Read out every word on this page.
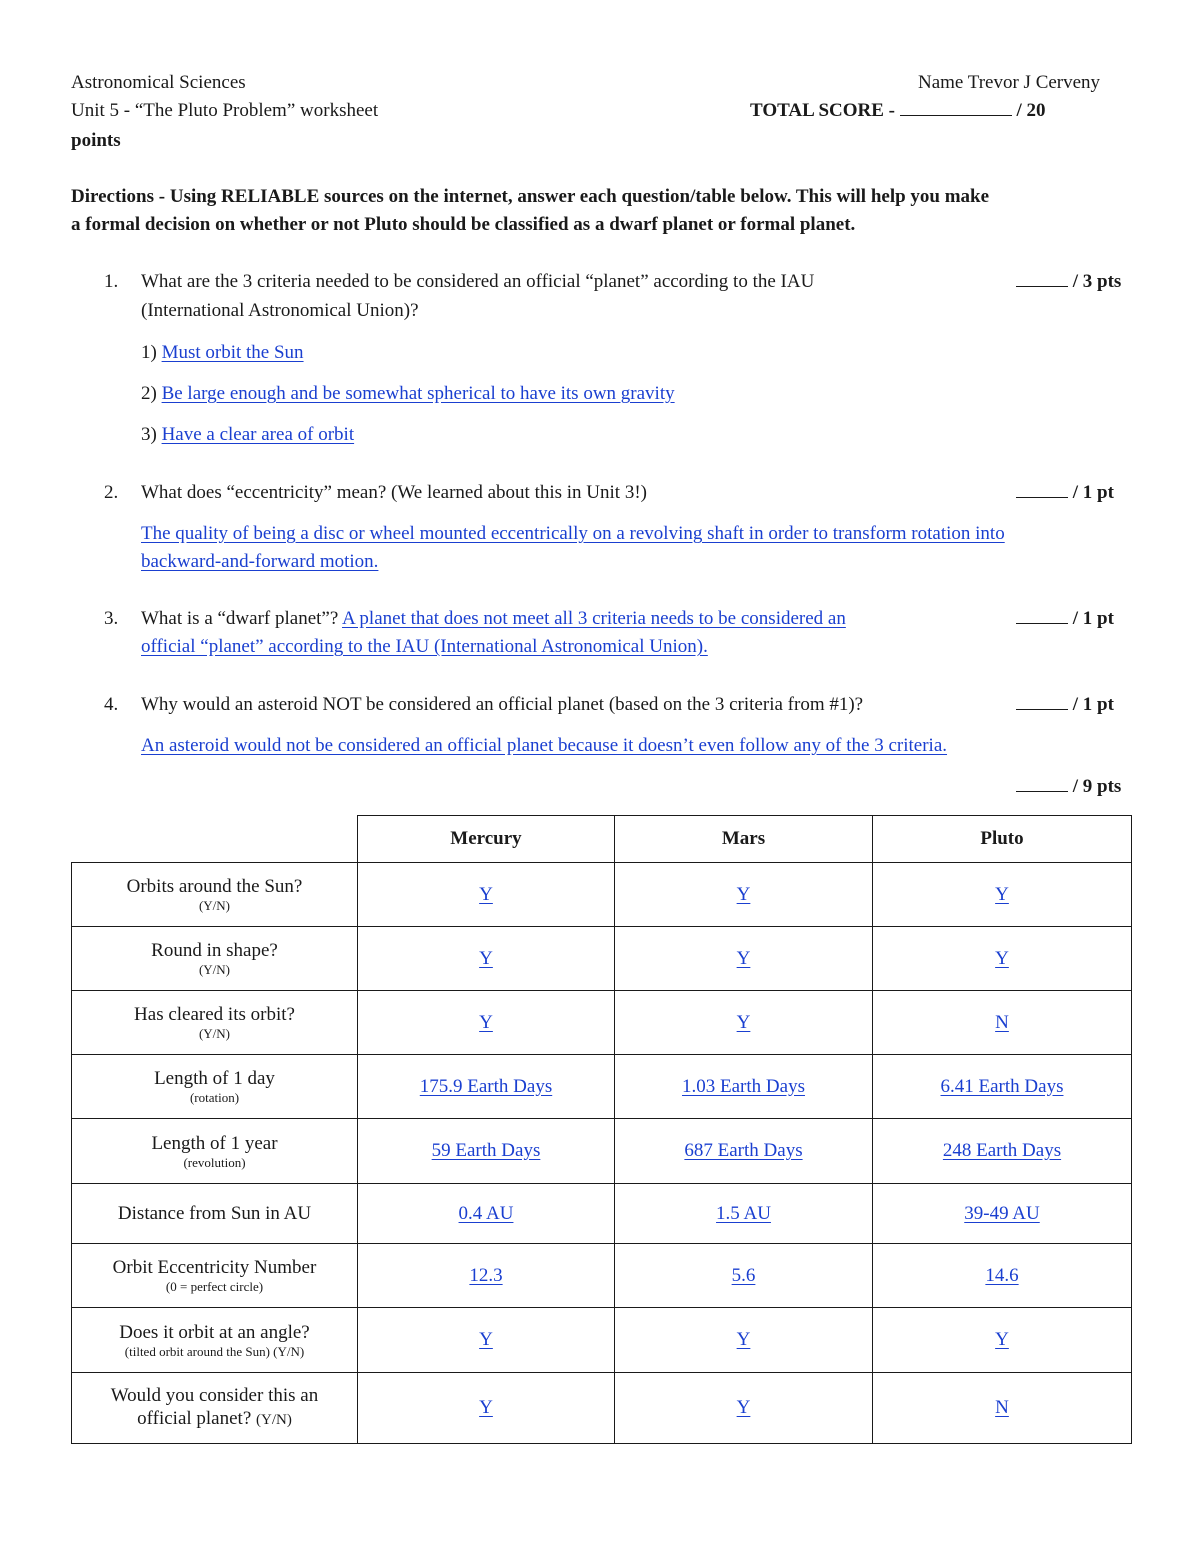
Astronomical Sciences
Unit 5 - “The Pluto Problem” worksheet
points
Name Trevor J Cerveny
TOTAL SCORE -	/ 20
Directions - Using RELIABLE sources on the internet, answer each question/table below. This will help you make
a formal decision on whether or not Pluto should be classified as a dwarf planet or formal planet.
1. What are the 3 criteria needed to be considered an official “planet” according to the IAU
(International Astronomical Union)?
/ 3 pts
1) Must orbit the Sun
2) Be large enough and be somewhat spherical to have its own gravity
3) Have a clear area of orbit
2. What does “eccentricity” mean? (We learned about this in Unit 3!)	/ 1 pt
The quality of being a disc or wheel mounted eccentrically on a revolving shaft in order to transform rotation into
backward-and-forward motion.
3. What is a “dwarf planet”? A planet that does not meet all 3 criteria needs to be considered an
official “planet” according to the IAU (International Astronomical Union).
/ 1 pt
4. Why would an asteroid NOT be considered an official planet (based on the 3 criteria from #1)?	/ 1 pt
An asteroid would not be considered an official planet because it doesn’t even follow any of the 3 criteria.
/ 9 pts
	Mercury	Mars	Pluto

Orbits around the Sun?
(Y/N)	Y	Y	Y

Round in shape?
(Y/N)	Y	Y	Y

Has cleared its orbit?
(Y/N)	Y	Y	N

Length of 1 day
(rotation)	175.9 Earth Days	1.03 Earth Days	6.41 Earth Days

Length of 1 year
(revolution)	59 Earth Days	687 Earth Days	248 Earth Days

Distance from Sun in AU	0.4 AU	1.5 AU	39-49 AU

Orbit Eccentricity Number
(0 = perfect circle)	12.3	5.6	14.6

Does it orbit at an angle?
(tilted orbit around the Sun) (Y/N)	Y	Y	Y

Would you consider this an
official planet? (Y/N)	Y	Y	N
